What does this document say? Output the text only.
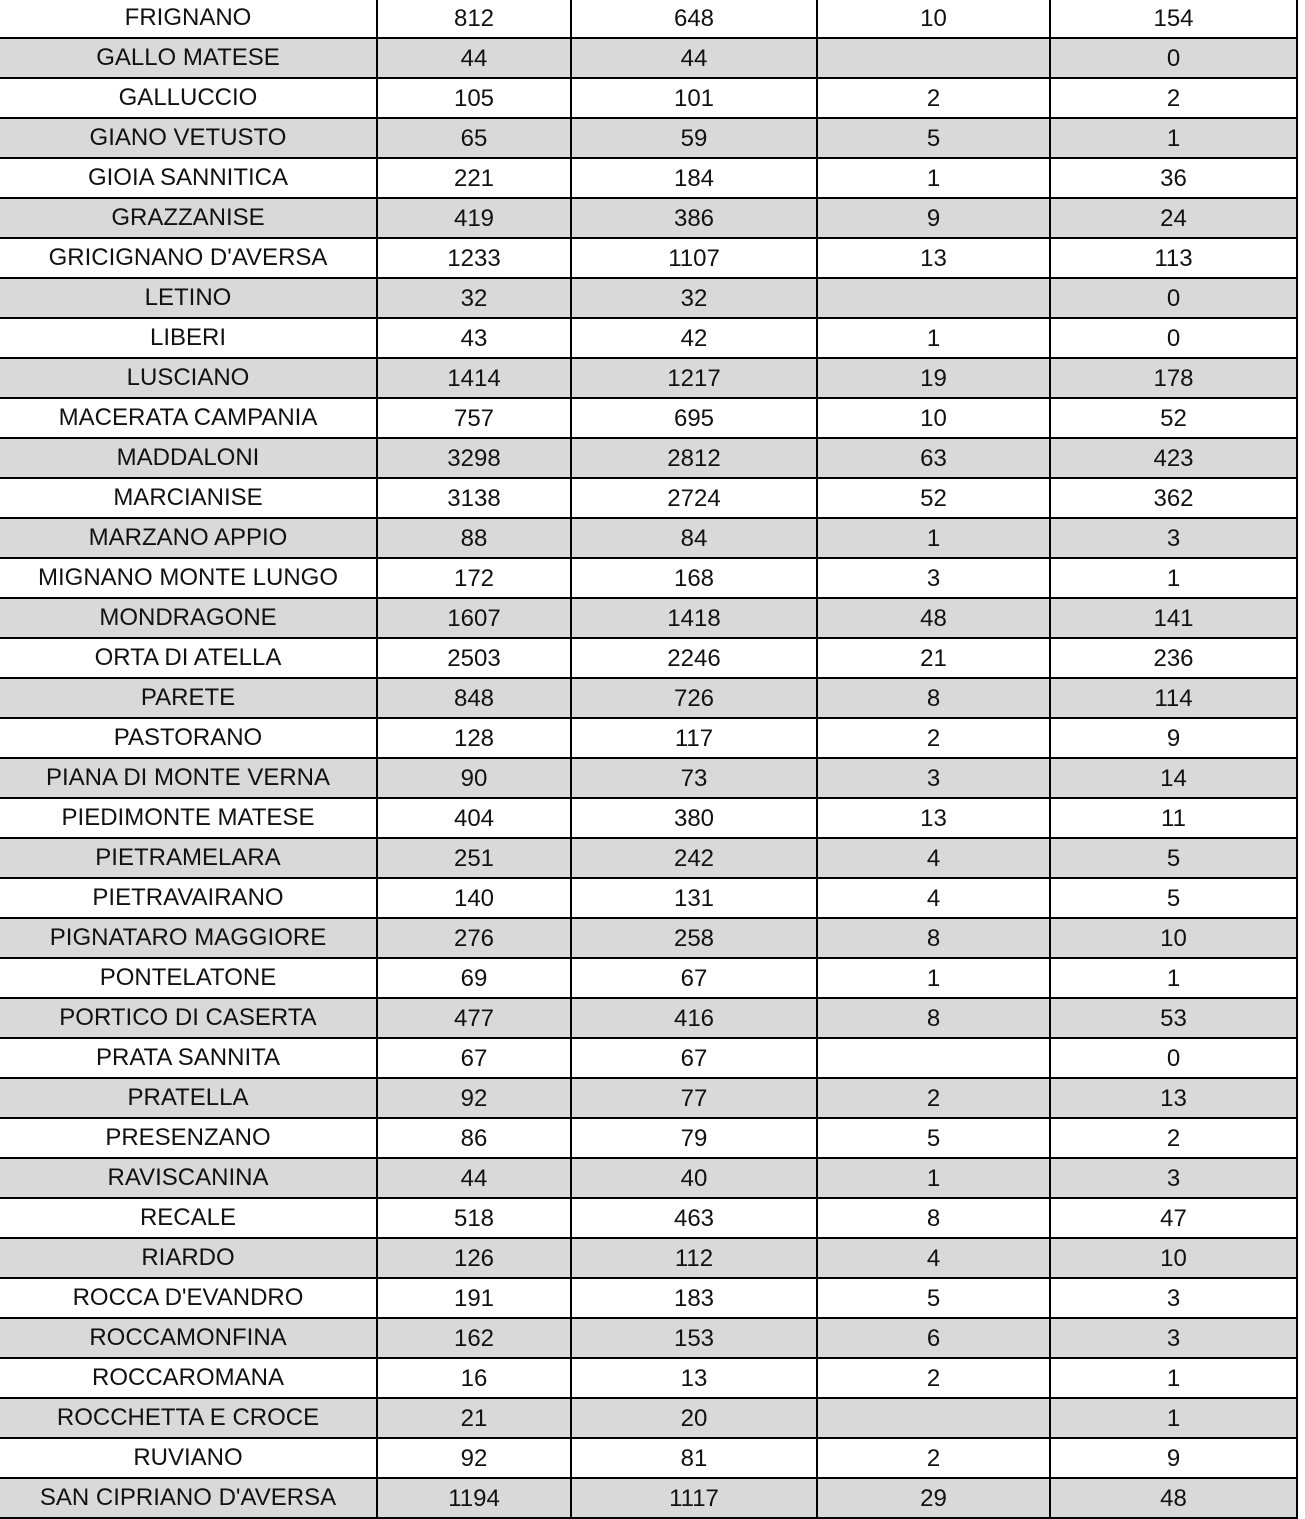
FRIGNANO	812	648	10	154
GALLO MATESE	44	44		0
GALLUCCIO	105	101	2	2
GIANO VETUSTO	65	59	5	1
GIOIA SANNITICA	221	184	1	36
GRAZZANISE	419	386	9	24
GRICIGNANO D'AVERSA	1233	1107	13	113
LETINO	32	32		0
LIBERI	43	42	1	0
LUSCIANO	1414	1217	19	178
MACERATA CAMPANIA	757	695	10	52
MADDALONI	3298	2812	63	423
MARCIANISE	3138	2724	52	362
MARZANO APPIO	88	84	1	3
MIGNANO MONTE LUNGO	172	168	3	1
MONDRAGONE	1607	1418	48	141
ORTA DI ATELLA	2503	2246	21	236
PARETE	848	726	8	114
PASTORANO	128	117	2	9
PIANA DI MONTE VERNA	90	73	3	14
PIEDIMONTE MATESE	404	380	13	11
PIETRAMELARA	251	242	4	5
PIETRAVAIRANO	140	131	4	5
PIGNATARO MAGGIORE	276	258	8	10
PONTELATONE	69	67	1	1
PORTICO DI CASERTA	477	416	8	53
PRATA SANNITA	67	67		0
PRATELLA	92	77	2	13
PRESENZANO	86	79	5	2
RAVISCANINA	44	40	1	3
RECALE	518	463	8	47
RIARDO	126	112	4	10
ROCCA D'EVANDRO	191	183	5	3
ROCCAMONFINA	162	153	6	3
ROCCAROMANA	16	13	2	1
ROCCHETTA E CROCE	21	20		1
RUVIANO	92	81	2	9
SAN CIPRIANO D'AVERSA	1194	1117	29	48
